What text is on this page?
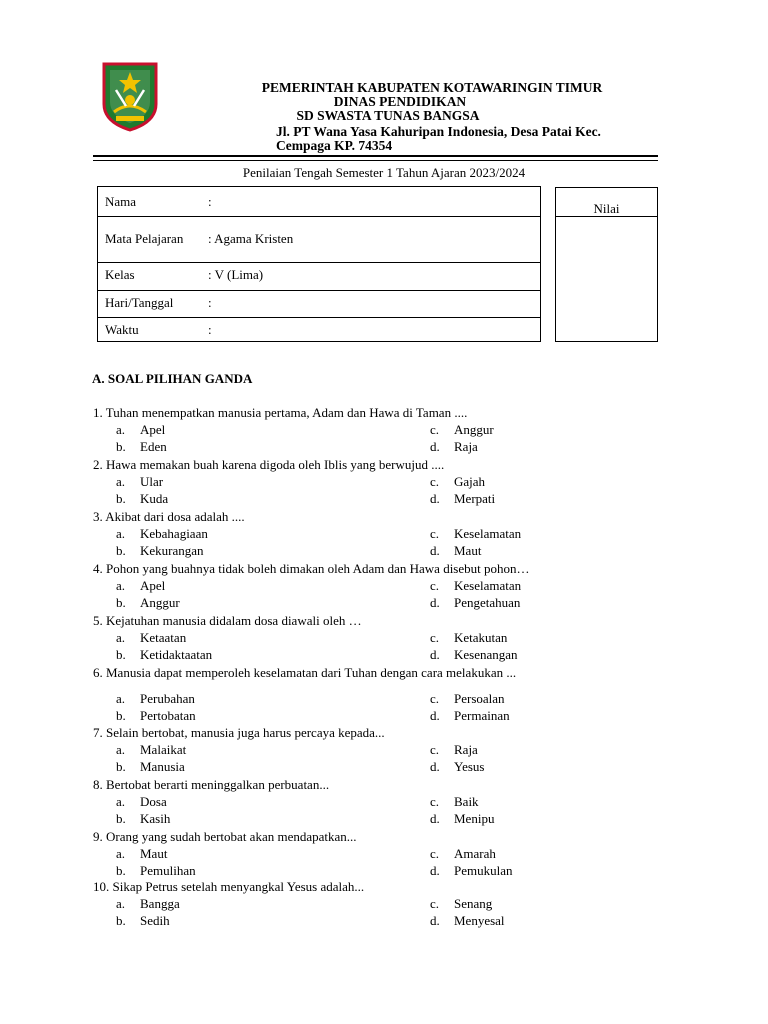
PEMERINTAH KABUPATEN KOTAWARINGIN TIMUR
DINAS PENDIDIKAN
SD SWASTA TUNAS BANGSA
Jl. PT Wana Yasa Kahuripan Indonesia, Desa Patai Kec.
Cempaga KP. 74354
Penilaian Tengah Semester 1 Tahun Ajaran 2023/2024
Nama	:
Mata Pelajaran : Agama Kristen
Kelas	: V (Lima)
Hari/Tanggal	:
Waktu	:
Nilai
A. SOAL PILIHAN GANDA
1. Tuhan menempatkan manusia pertama, Adam dan Hawa di Taman ....
a. Apel
b. Eden
c. Anggur
d. Raja
2. Hawa memakan buah karena digoda oleh Iblis yang berwujud ....
a. Ular
b. Kuda
c. Gajah
d. Merpati
3. Akibat dari dosa adalah ....
a. Kebahagiaan
b. Kekurangan
c. Keselamatan
d. Maut
4. Pohon yang buahnya tidak boleh dimakan oleh Adam dan Hawa disebut pohon…
a. Apel
b. Anggur
c. Keselamatan
d. Pengetahuan
5. Kejatuhan manusia didalam dosa diawali oleh …
a. Ketaatan
b. Ketidaktaatan
c. Ketakutan
d. Kesenangan
6. Manusia dapat memperoleh keselamatan dari Tuhan dengan cara melakukan ...
a. Perubahan
b. Pertobatan
c. Persoalan
d. Permainan
7. Selain bertobat, manusia juga harus percaya kepada...
a. Malaikat
b. Manusia
c. Raja
d. Yesus
8. Bertobat berarti meninggalkan perbuatan...
a. Dosa
b. Kasih
c. Baik
d. Menipu
9. Orang yang sudah bertobat akan mendapatkan...
a. Maut
b. Pemulihan
c. Amarah
d. Pemukulan
10. Sikap Petrus setelah menyangkal Yesus adalah...
a. Bangga
b. Sedih
c. Senang
d. Menyesal
